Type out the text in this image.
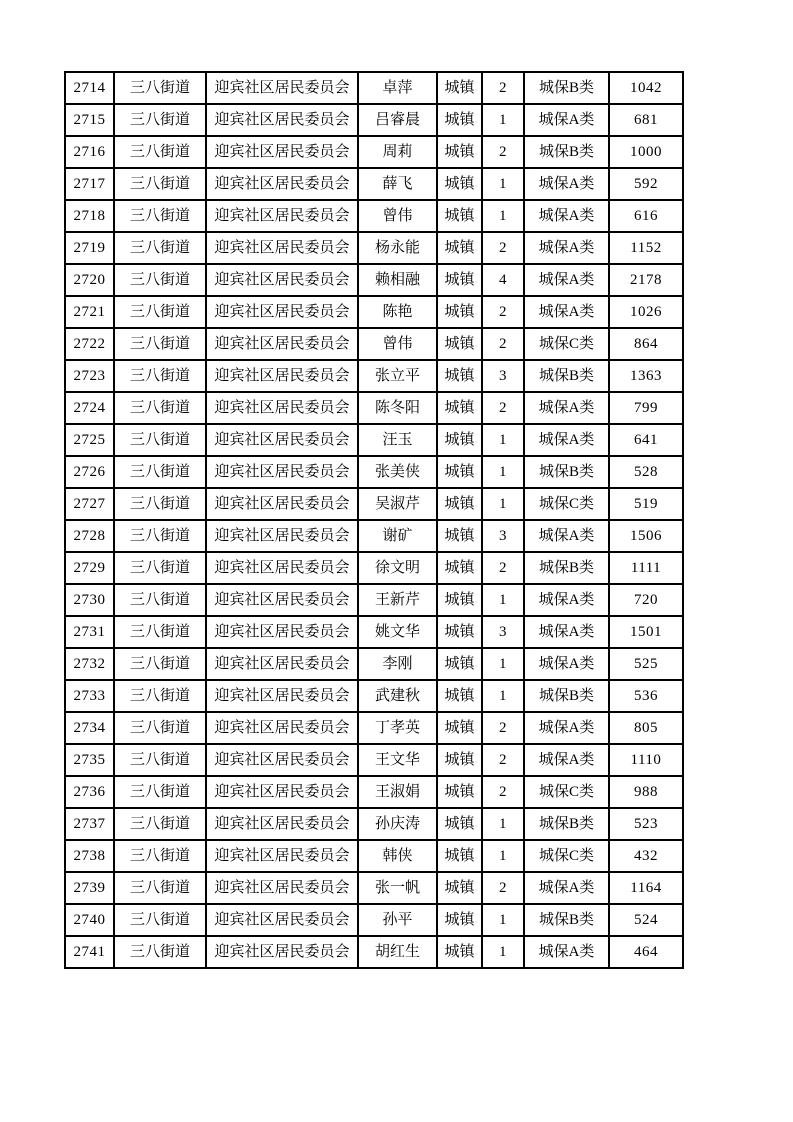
2714	三八街道	迎宾社区居民委员会	卓萍	城镇	2	城保B类	1042
2715	三八街道	迎宾社区居民委员会	吕睿晨	城镇	1	城保A类	681
2716	三八街道	迎宾社区居民委员会	周莉	城镇	2	城保B类	1000
2717	三八街道	迎宾社区居民委员会	薛飞	城镇	1	城保A类	592
2718	三八街道	迎宾社区居民委员会	曾伟	城镇	1	城保A类	616
2719	三八街道	迎宾社区居民委员会	杨永能	城镇	2	城保A类	1152
2720	三八街道	迎宾社区居民委员会	赖相融	城镇	4	城保A类	2178
2721	三八街道	迎宾社区居民委员会	陈艳	城镇	2	城保A类	1026
2722	三八街道	迎宾社区居民委员会	曾伟	城镇	2	城保C类	864
2723	三八街道	迎宾社区居民委员会	张立平	城镇	3	城保B类	1363
2724	三八街道	迎宾社区居民委员会	陈冬阳	城镇	2	城保A类	799
2725	三八街道	迎宾社区居民委员会	汪玉	城镇	1	城保A类	641
2726	三八街道	迎宾社区居民委员会	张美侠	城镇	1	城保B类	528
2727	三八街道	迎宾社区居民委员会	吴淑芹	城镇	1	城保C类	519
2728	三八街道	迎宾社区居民委员会	谢矿	城镇	3	城保A类	1506
2729	三八街道	迎宾社区居民委员会	徐文明	城镇	2	城保B类	1111
2730	三八街道	迎宾社区居民委员会	王新芹	城镇	1	城保A类	720
2731	三八街道	迎宾社区居民委员会	姚文华	城镇	3	城保A类	1501
2732	三八街道	迎宾社区居民委员会	李刚	城镇	1	城保A类	525
2733	三八街道	迎宾社区居民委员会	武建秋	城镇	1	城保B类	536
2734	三八街道	迎宾社区居民委员会	丁孝英	城镇	2	城保A类	805
2735	三八街道	迎宾社区居民委员会	王文华	城镇	2	城保A类	1110
2736	三八街道	迎宾社区居民委员会	王淑娟	城镇	2	城保C类	988
2737	三八街道	迎宾社区居民委员会	孙庆涛	城镇	1	城保B类	523
2738	三八街道	迎宾社区居民委员会	韩侠	城镇	1	城保C类	432
2739	三八街道	迎宾社区居民委员会	张一帆	城镇	2	城保A类	1164
2740	三八街道	迎宾社区居民委员会	孙平	城镇	1	城保B类	524
2741	三八街道	迎宾社区居民委员会	胡红生	城镇	1	城保A类	464
